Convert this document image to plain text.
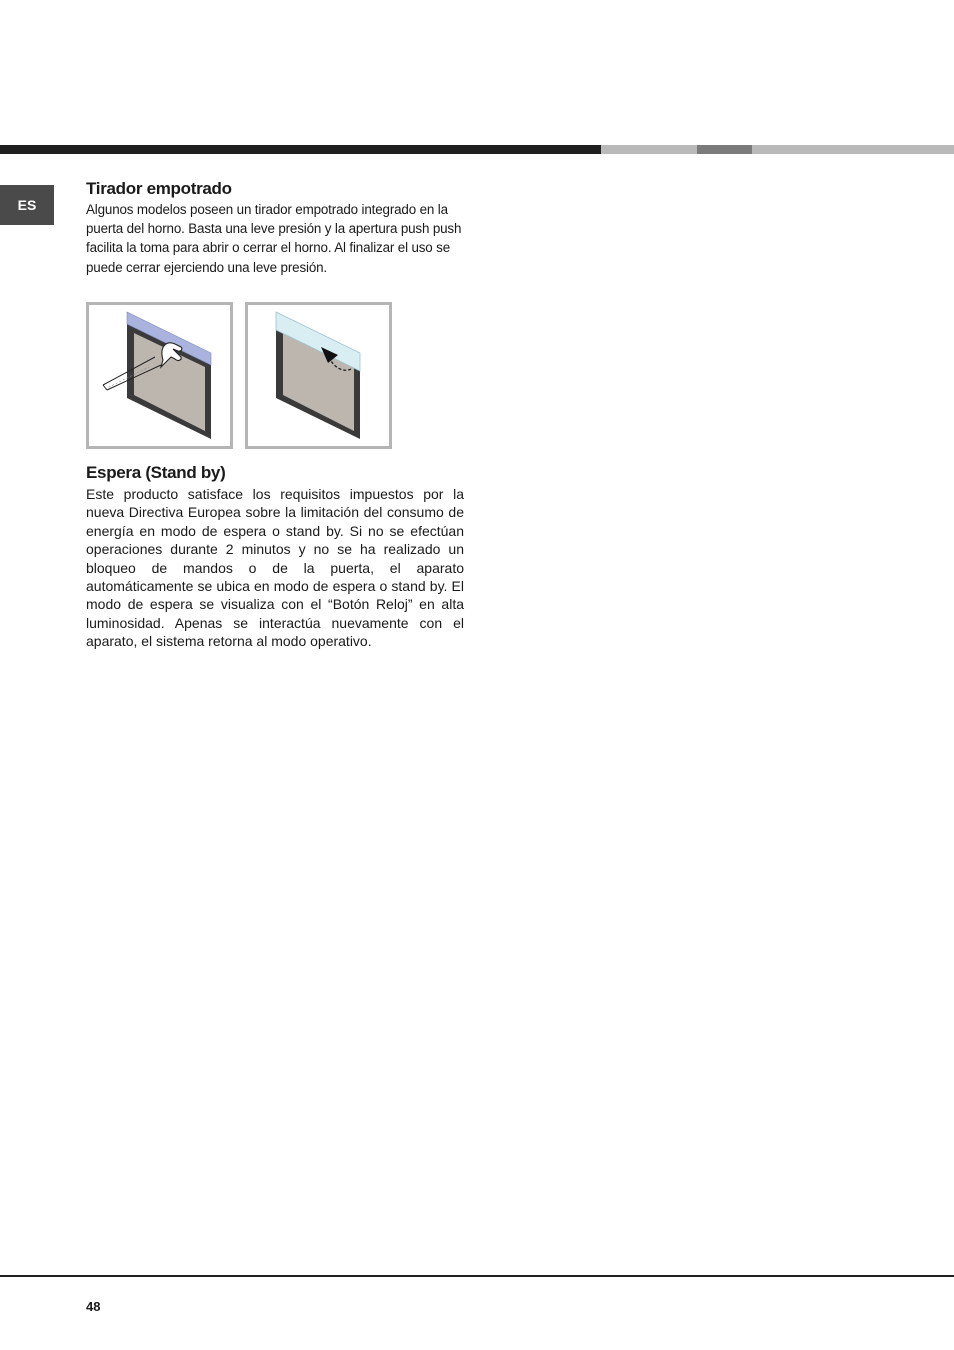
ES
Tirador empotrado

Algunos modelos poseen un tirador empotrado integrado en la puerta del horno. Basta una leve presión y la apertura push push facilita la toma para abrir o cerrar el horno. Al finalizar el uso se puede cerrar ejerciendo una leve presión.

Espera (Stand by)

Este producto satisface los requisitos impuestos por la nueva Directiva Europea sobre la limitación del consumo de energía en modo de espera o stand by. Si no se efectúan operaciones durante 2 minutos y no se ha realizado un bloqueo de mandos o de la puerta, el aparato automáticamente se ubica en modo de espera o stand by. El modo de espera se visualiza con el “Botón Reloj” en alta luminosidad. Apenas se interactúa nuevamente con el aparato, el sistema retorna al modo operativo.

48
